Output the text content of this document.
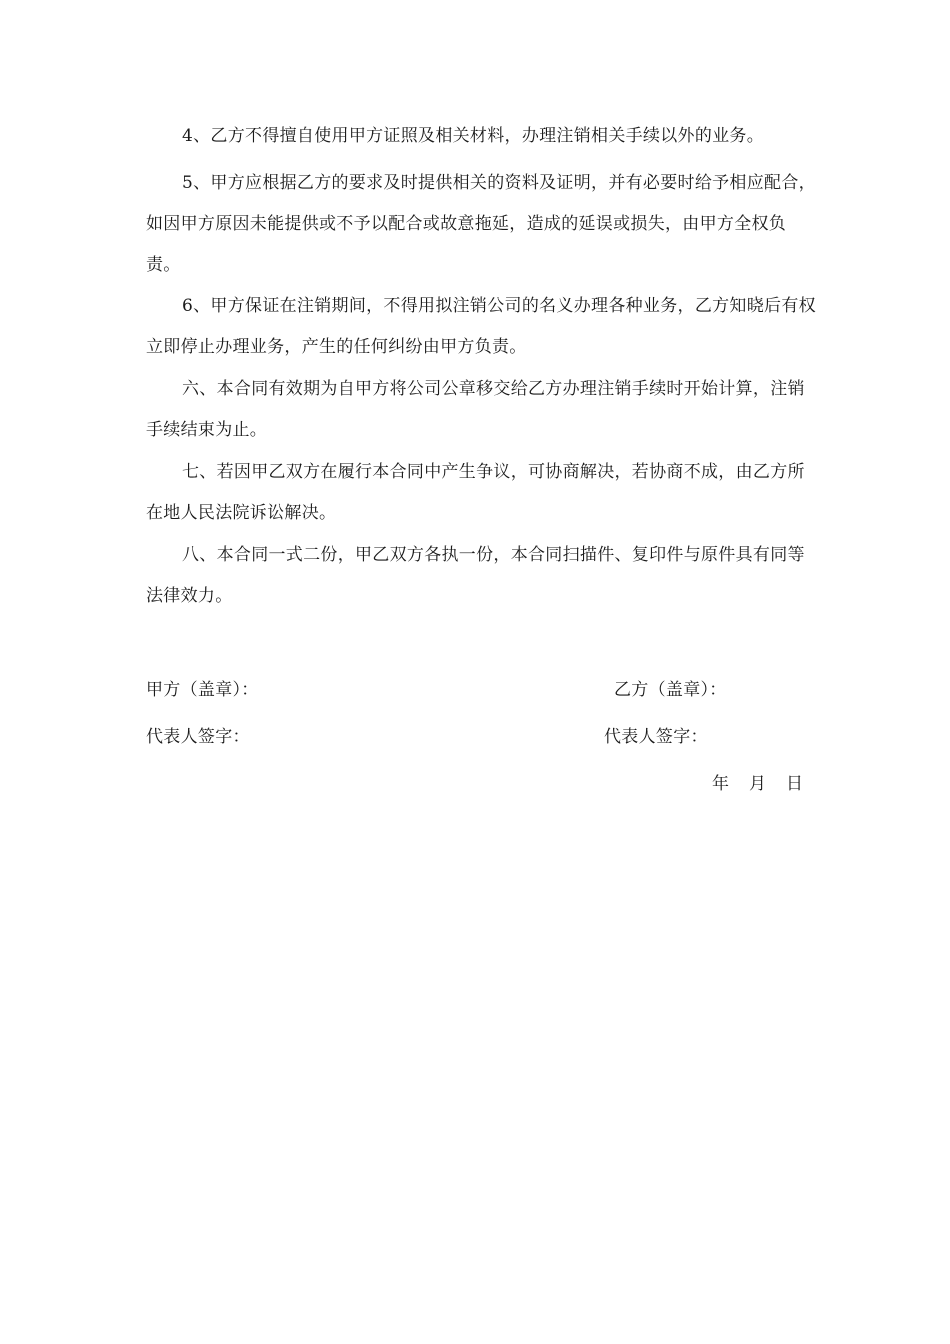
4、乙方不得擅自使用甲方证照及相关材料，办理注销相关手续以外的业务。

5、甲方应根据乙方的要求及时提供相关的资料及证明，并有必要时给予相应配合，如因甲方原因未能提供或不予以配合或故意拖延，造成的延误或损失，由甲方全权负责。

6、甲方保证在注销期间，不得用拟注销公司的名义办理各种业务，乙方知晓后有权立即停止办理业务，产生的任何纠纷由甲方负责。

六、本合同有效期为自甲方将公司公章移交给乙方办理注销手续时开始计算，注销手续结束为止。

七、若因甲乙双方在履行本合同中产生争议，可协商解决，若协商不成，由乙方所在地人民法院诉讼解决。

八、本合同一式二份，甲乙双方各执一份，本合同扫描件、复印件与原件具有同等法律效力。

甲方（盖章）：	乙方（盖章）：

代表人签字：	代表人签字：

年 月 日
